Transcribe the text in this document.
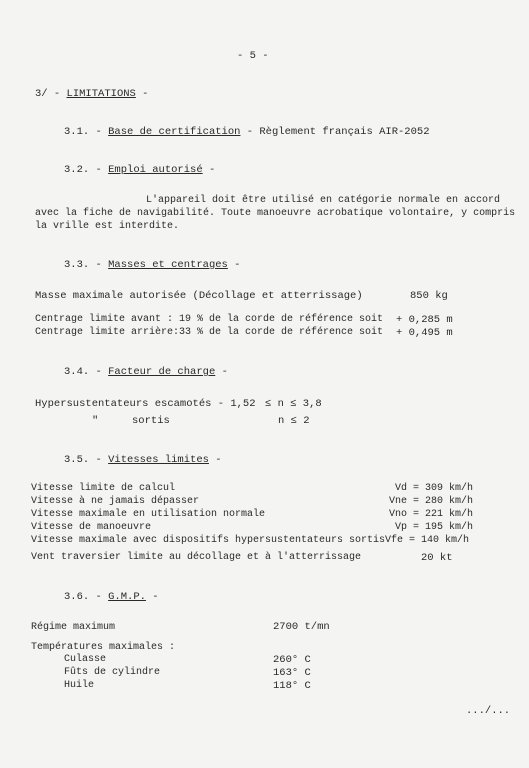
- 5 -
3/ - LIMITATIONS -
3.1. - Base de certification - Règlement français AIR-2052
3.2. - Emploi autorisé -
L'appareil doit être utilisé en catégorie normale en accord
avec la fiche de navigabilité. Toute manoeuvre acrobatique volontaire, y compris
la vrille est interdite.
3.3. - Masses et centrages -
Masse maximale autorisée (Décollage et atterrissage)	850 kg
Centrage limite avant : 19 % de la corde de référence soit + 0,285 m
Centrage limite arrière:33 % de la corde de référence soit + 0,495 m
3.4. - Facteur de charge -
Hypersustentateurs escamotés - 1,52 ≤ n ≤ 3,8
"	sortis	n ≤ 2
3.5. - Vitesses limites -
Vitesse limite de calcul	Vd = 309 km/h
Vitesse à ne jamais dépasser	Vne = 280 km/h
Vitesse maximale en utilisation normale	Vno = 221 km/h
Vitesse de manoeuvre	Vp = 195 km/h
Vitesse maximale avec dispositifs hypersustentateurs sortis Vfe = 140 km/h
Vent traversier limite au décollage et à l'atterrissage	20 kt
3.6. - G.M.P. -
Régime maximum	2700 t/mn
Températures maximales :
Culasse	260° C
Fûts de cylindre	163° C
Huile	118° C
.../...
